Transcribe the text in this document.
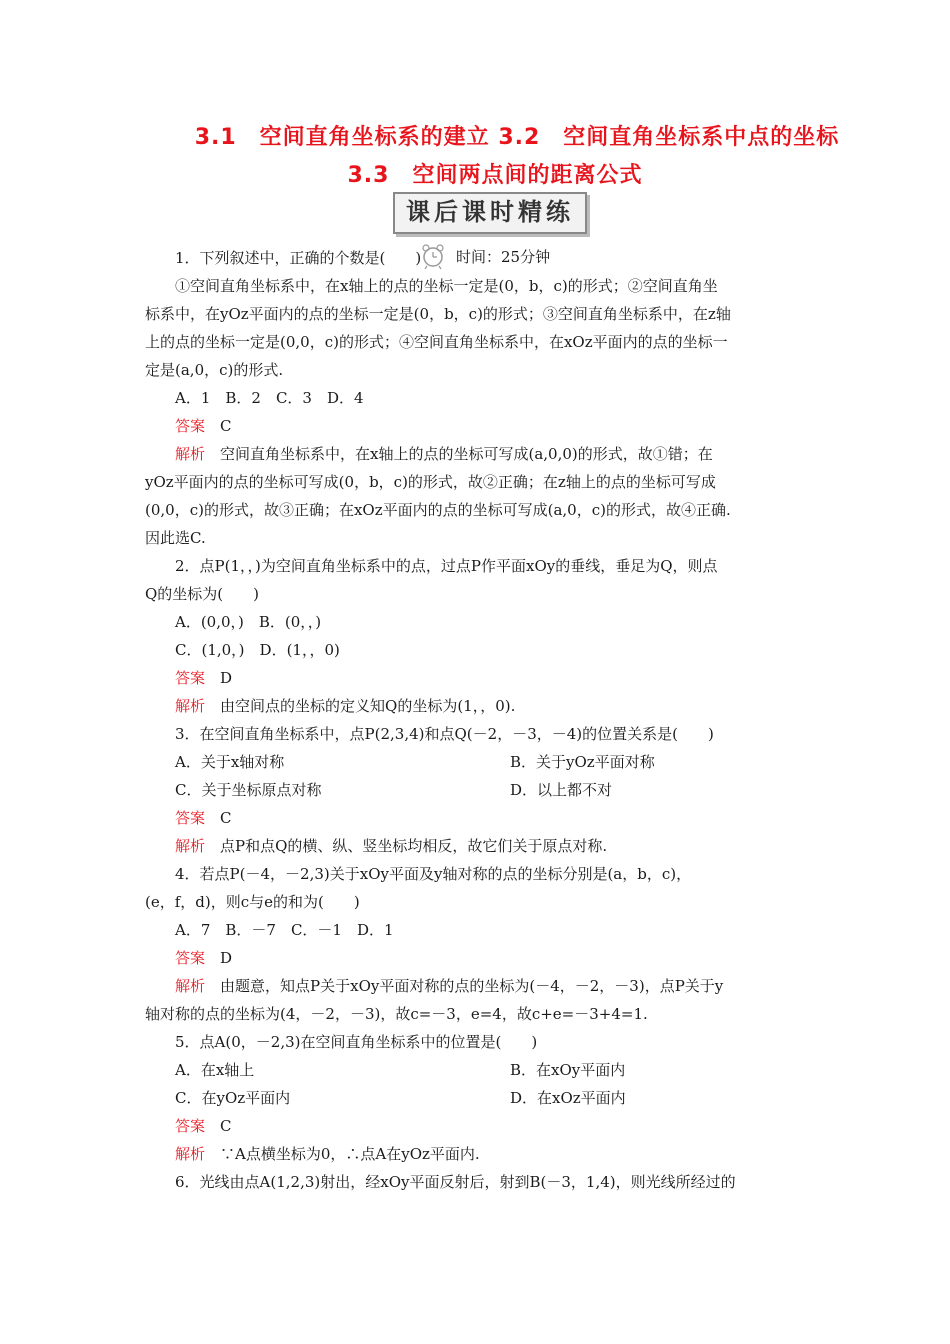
3.1　空间直角坐标系的建立 3.2　空间直角坐标系中点的坐标
3.3　空间两点间的距离公式
课后课时精练
时间：25分钟
1．下列叙述中，正确的个数是(　　)
①空间直角坐标系中，在x轴上的点的坐标一定是(0，b，c)的形式；②空间直角坐
标系中，在yOz平面内的点的坐标一定是(0，b，c)的形式；③空间直角坐标系中，在z轴
上的点的坐标一定是(0,0，c)的形式；④空间直角坐标系中，在xOz平面内的点的坐标一
定是(a,0，c)的形式.
A．1　B．2　C．3　D．4
答案　 C
解析　 空间直角坐标系中，在x轴上的点的坐标可写成(a,0,0)的形式，故①错；在
yOz平面内的点的坐标可写成(0，b，c)的形式，故②正确；在z轴上的点的坐标可写成
(0,0，c)的形式，故③正确；在xOz平面内的点的坐标可写成(a,0，c)的形式，故④正确.
因此选C.
2．点P(1，，)为空间直角坐标系中的点，过点P作平面xOy的垂线，垂足为Q，则点
Q的坐标为(　　)
A．(0,0，)　B．(0，，)
C．(1,0，)　D．(1，，0)
答案　 D
解析　 由空间点的坐标的定义知Q的坐标为(1，，0).
3．在空间直角坐标系中，点P(2,3,4)和点Q(－2，－3，－4)的位置关系是(　　)
A．关于x轴对称	B．关于yOz平面对称
C．关于坐标原点对称	D．以上都不对
答案　 C
解析　 点P和点Q的横、纵、竖坐标均相反，故它们关于原点对称.
4．若点P(－4，－2,3)关于xOy平面及y轴对称的点的坐标分别是(a，b，c)，
(e，f，d)，则c与e的和为(　　)
A．7　B．－7　C．－1　D．1
答案　 D
解析　 由题意，知点P关于xOy平面对称的点的坐标为(－4，－2，－3)，点P关于y
轴对称的点的坐标为(4，－2，－3)，故c=－3，e=4，故c+e=－3+4=1.
5．点A(0，－2,3)在空间直角坐标系中的位置是(　　)
A．在x轴上	B．在xOy平面内
C．在yOz平面内	D．在xOz平面内
答案　 C
解析　 ∵A点横坐标为0，∴点A在yOz平面内.
6．光线由点A(1,2,3)射出，经xOy平面反射后，射到B(－3，1,4)，则光线所经过的
